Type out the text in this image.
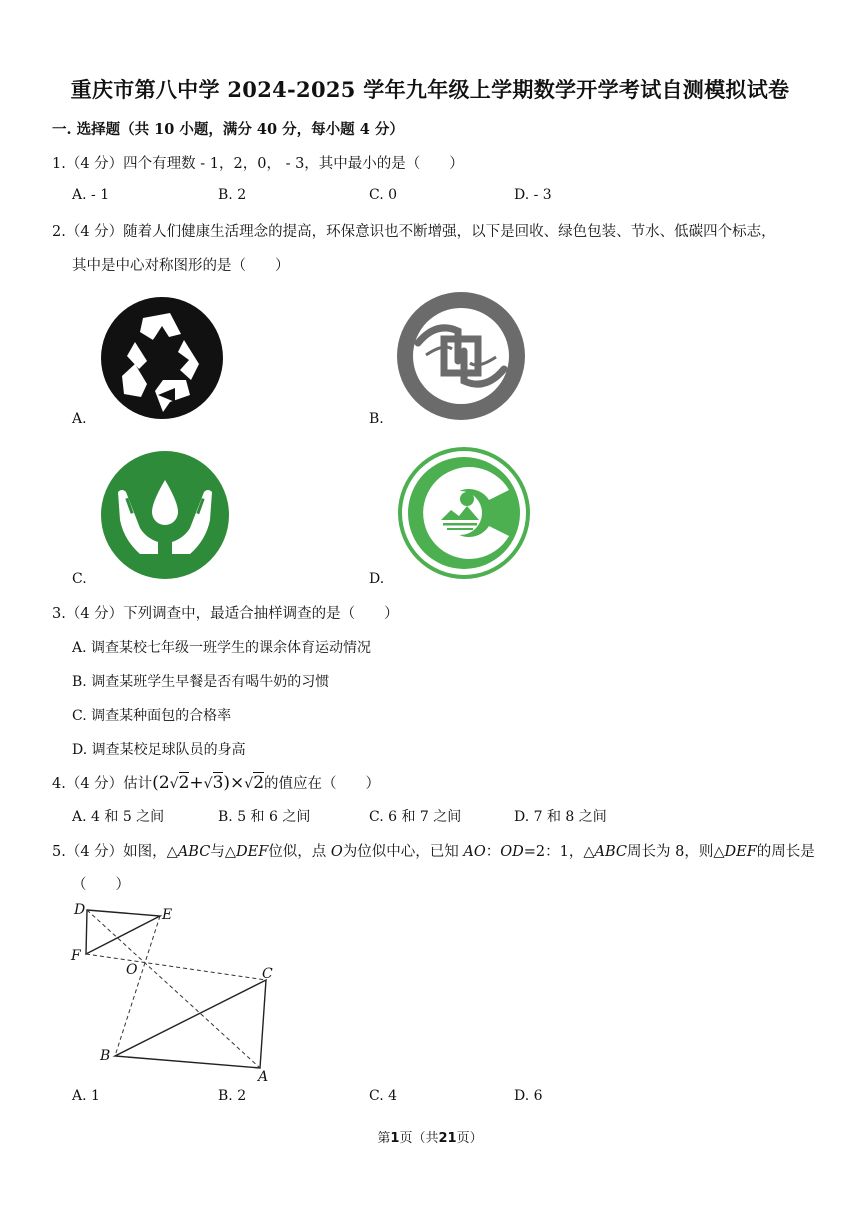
重庆市第八中学 2024-2025 学年九年级上学期数学开学考试自测模拟试卷
一. 选择题（共 10 小题，满分 40 分，每小题 4 分）
1.（4 分）四个有理数 - 1，2，0， - 3，其中最小的是（　　）
A. - 1	B. 2	C. 0	D. - 3
2.（4 分）随着人们健康生活理念的提高，环保意识也不断增强，以下是回收、绿色包装、节水、低碳四个标志，
其中是中心对称图形的是（　　）
A.	B.
C.	D.
3.（4 分）下列调查中，最适合抽样调查的是（　　）
A. 调查某校七年级一班学生的课余体育运动情况
B. 调查某班学生早餐是否有喝牛奶的习惯
C. 调查某种面包的合格率
D. 调查某校足球队员的身高
4.（4 分）估计(2√2+√3)×√2的值应在（　　）
A. 4 和 5 之间	B. 5 和 6 之间	C. 6 和 7 之间	D. 7 和 8 之间
5.（4 分）如图，△ABC与△DEF位似，点 O为位似中心，已知 AO：OD=2：1，△ABC周长为 8，则△DEF的周长是
（　　）
D	E
F
O	C
B
A
A. 1	B. 2	C. 4	D. 6
第1页（共21页）
